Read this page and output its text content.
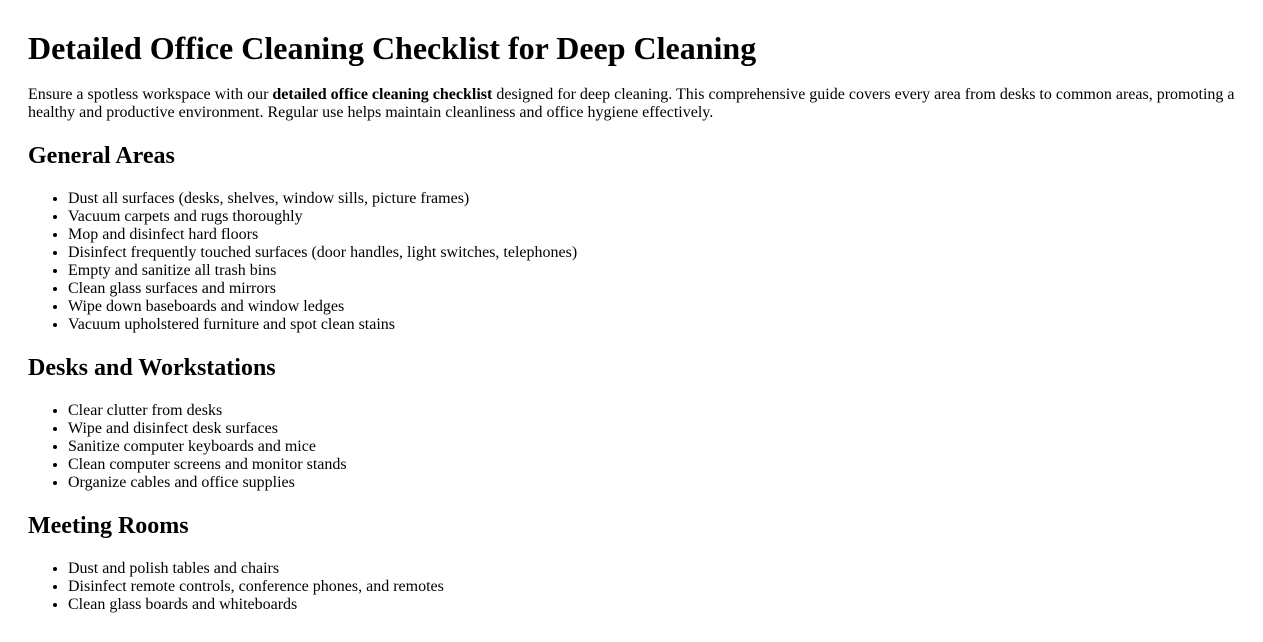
Detailed Office Cleaning Checklist for Deep Cleaning

Ensure a spotless workspace with our detailed office cleaning checklist designed for deep cleaning. This comprehensive guide covers every area from desks to common areas, promoting a healthy and productive environment. Regular use helps maintain cleanliness and office hygiene effectively.

General Areas
• Dust all surfaces (desks, shelves, window sills, picture frames)
• Vacuum carpets and rugs thoroughly
• Mop and disinfect hard floors
• Disinfect frequently touched surfaces (door handles, light switches, telephones)
• Empty and sanitize all trash bins
• Clean glass surfaces and mirrors
• Wipe down baseboards and window ledges
• Vacuum upholstered furniture and spot clean stains
Desks and Workstations
• Clear clutter from desks
• Wipe and disinfect desk surfaces
• Sanitize computer keyboards and mice
• Clean computer screens and monitor stands
• Organize cables and office supplies
Meeting Rooms
• Dust and polish tables and chairs
• Disinfect remote controls, conference phones, and remotes
• Clean glass boards and whiteboards
